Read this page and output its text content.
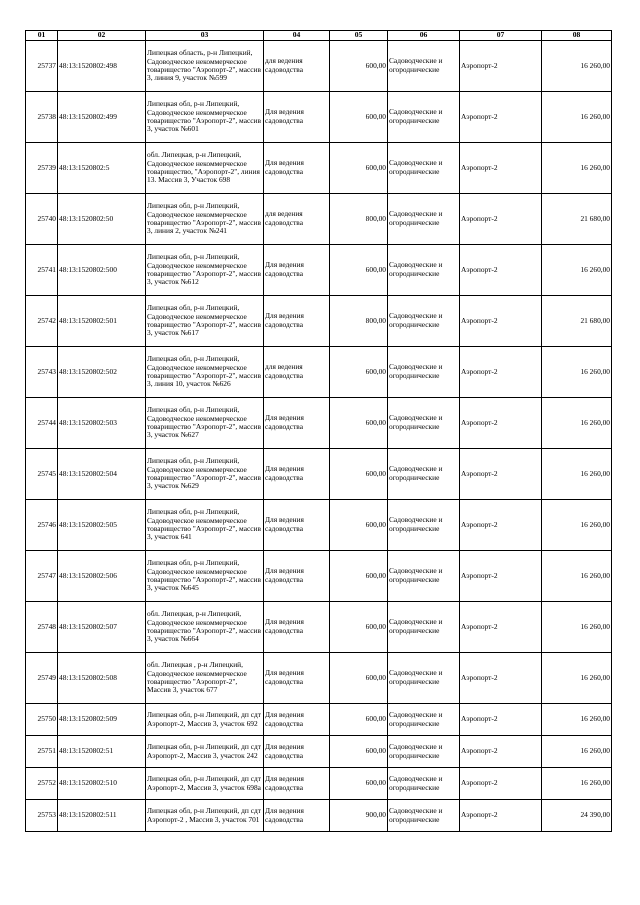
01	02	03	04	05	06	07	08

25737	48:13:1520802:498	Липецкая область, р-н Липецкий, Садоводческое некоммерческое товарищество "Аэропорт-2", массив 3, линия 9, участок №599	для ведения садоводства	600,00	Садоводческие и огороднические	Аэропорт-2	16 260,00

25738	48:13:1520802:499	Липецкая обл, р-н Липецкий, Садоводческое некоммерческое товарищество "Аэропорт-2", массив 3, участок №601	Для ведения садоводства	600,00	Садоводческие и огороднические	Аэропорт-2	16 260,00

25739	48:13:1520802:5	обл. Липецкая, р-н Липецкий, Садоводческое некоммерческое товарищество, "Аэропорт-2", линия 13. Массив 3, Участок 698	Для ведения садоводства	600,00	Садоводческие и огороднические	Аэропорт-2	16 260,00

25740	48:13:1520802:50	Липецкая обл, р-н Липецкий, Садоводческое некоммерческое товарищество "Аэропорт-2", массив 3, линия 2, участок №241	для ведения садоводства	800,00	Садоводческие и огороднические	Аэропорт-2	21 680,00

25741	48:13:1520802:500	Липецкая обл, р-н Липецкий, Садоводческое некоммерческое товарищество "Аэропорт-2", массив 3, участок №612	Для ведения садоводства	600,00	Садоводческие и огороднические	Аэропорт-2	16 260,00

25742	48:13:1520802:501	Липецкая обл, р-н Липецкий, Садоводческое некоммерческое товарищество "Аэропорт-2", массив 3, участок №617	Для ведения садоводства	800,00	Садоводческие и огороднические	Аэропорт-2	21 680,00

25743	48:13:1520802:502	Липецкая обл, р-н Липецкий, Садоводческое некоммерческое товарищество "Аэропорт-2", массив 3, линия 10, участок №626	для ведения садоводства	600,00	Садоводческие и огороднические	Аэропорт-2	16 260,00

25744	48:13:1520802:503	Липецкая обл, р-н Липецкий, Садоводческое некоммерческое товарищество "Аэропорт-2", массив 3, участок №627	Для ведения садоводства	600,00	Садоводческие и огороднические	Аэропорт-2	16 260,00

25745	48:13:1520802:504	Липецкая обл, р-н Липецкий, Садоводческое некоммерческое товарищество "Аэропорт-2", массив 3, участок №629	Для ведения садоводства	600,00	Садоводческие и огороднические	Аэропорт-2	16 260,00

25746	48:13:1520802:505	Липецкая обл, р-н Липецкий, Садоводческое некоммерческое товарищество "Аэропорт-2", массив 3, участок 641	Для ведения садоводства	600,00	Садоводческие и огороднические	Аэропорт-2	16 260,00

25747	48:13:1520802:506	Липецкая обл, р-н Липецкий, Садоводческое некоммерческое товарищество "Аэропорт-2", массив 3, участок №645	Для ведения садоводства	600,00	Садоводческие и огороднические	Аэропорт-2	16 260,00

25748	48:13:1520802:507	обл. Липецкая, р-н Липецкий, Садоводческое некоммерческое товарищество "Аэропорт-2", массив 3, участок №664	Для ведения садоводства	600,00	Садоводческие и огороднические	Аэропорт-2	16 260,00

25749	48:13:1520802:508	обл. Липецкая , р-н Липецкий, Садоводческое некоммерческое товарищество "Аэропорт-2", Массив 3, участок 677	Для ведения садоводства	600,00	Садоводческие и огороднические	Аэропорт-2	16 260,00

25750	48:13:1520802:509	Липецкая обл, р-н Липецкий, дп сдт Аэропорт-2, Массив 3, участок 692	Для ведения садоводства	600,00	Садоводческие и огороднические	Аэропорт-2	16 260,00

25751	48:13:1520802:51	Липецкая обл, р-н Липецкий, дп сдт Аэропорт-2, Массив 3, участок 242	Для ведения садоводства	600,00	Садоводческие и огороднические	Аэропорт-2	16 260,00

25752	48:13:1520802:510	Липецкая обл, р-н Липецкий, дп сдт Аэропорт-2, Массив 3, участок 698а	Для ведения садоводства	600,00	Садоводческие и огороднические	Аэропорт-2	16 260,00

25753	48:13:1520802:511	Липецкая обл, р-н Липецкий, дп сдт Аэропорт-2 , Массив 3, участок 701	Для ведения садоводства	900,00	Садоводческие и огороднические	Аэропорт-2	24 390,00
